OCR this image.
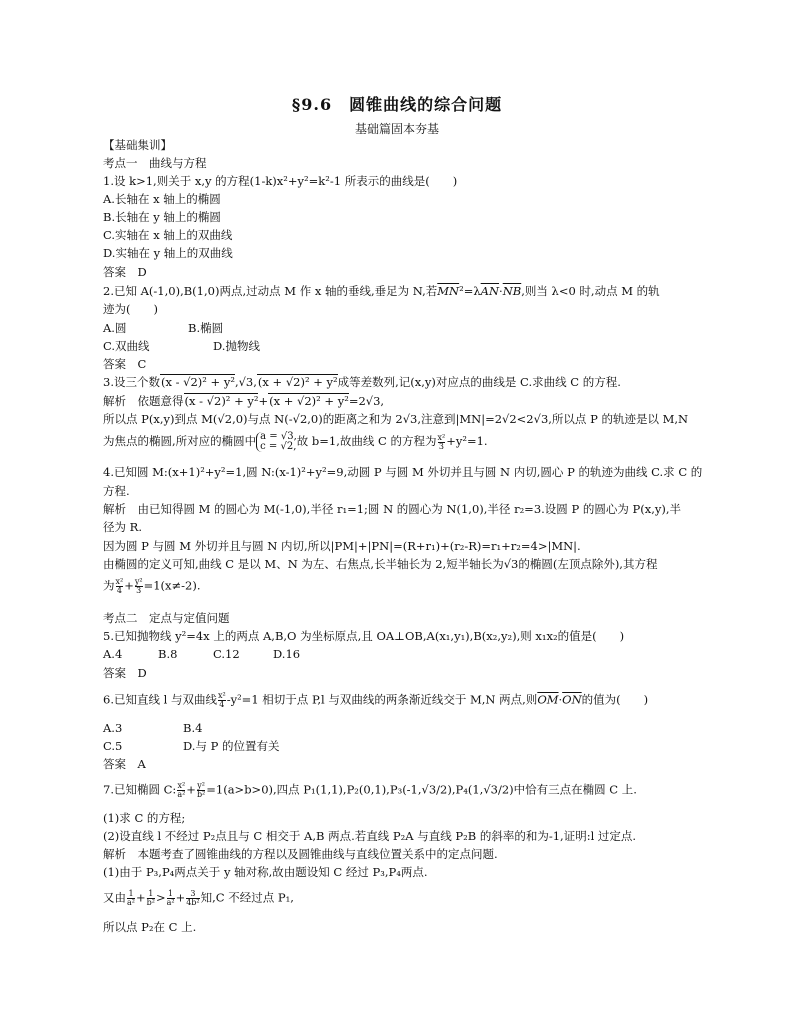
§9.6　圆锥曲线的综合问题
基础篇固本夯基
【基础集训】
考点一　曲线与方程
1.设 k>1,则关于 x,y 的方程(1-k)x²+y²=k²-1 所表示的曲线是(　　)
A.长轴在 x 轴上的椭圆
B.长轴在 y 轴上的椭圆
C.实轴在 x 轴上的双曲线
D.实轴在 y 轴上的双曲线
答案　D
2.已知 A(-1,0),B(1,0)两点,过动点 M 作 x 轴的垂线,垂足为 N,若$\overline{MN}^2=\lambda\overline{AN}\cdot\overline{NB}$,则当 λ<0 时,动点 M 的轨
迹为(　　)
A.圆	B.椭圆
C.双曲线	D.抛物线
答案　C
3.设三个数(x - √2)² + y²,√3,(x + √2)² + y²成等差数列,记(x,y)对应点的曲线是 C.求曲线 C 的方程.
解析　依题意得(x - √2)² + y²+(x + √2)² + y²=2√3,
所以点 P(x,y)到点 M(√2,0)与点 N(-√2,0)的距离之和为 2√3,注意到|MN|=2√2<2√3,所以点 P 的轨迹是以 M,N
为焦点的椭圆,所对应的椭圆中 a = √3,
c = √2, 故 b=1,故曲线 C 的方程为 $\frac{\text{x²}}{3} +y^2=1$.
4.已知圆 M:(x+1)²+y²=1,圆 N:(x-1)²+y²=9,动圆 P 与圆 M 外切并且与圆 N 内切,圆心 P 的轨迹为曲线 C.求 C 的
方程.
解析　由已知得圆 M 的圆心为 M(-1,0),半径 r₁=1;圆 N 的圆心为 N(1,0),半径 r₂=3.设圆 P 的圆心为 P(x,y),半
径为 R.
因为圆 P 与圆 M 外切并且与圆 N 内切,所以|PM|+|PN|=(R+r₁)+(r₂-R)=r₁+r₂=4>|MN|.
由椭圆的定义可知,曲线 C 是以 M、N 为左、右焦点,长半轴长为 2,短半轴长为√3的椭圆(左顶点除外),其方程
为 $\frac{\text{x²}}{4} + \frac{\text{y²}}{3} =1(x\ne-2)$.
考点二　定点与定值问题
5.已知抛物线 y²=4x 上的两点 A,B,O 为坐标原点,且 OA⊥OB,A(x₁,y₁),B(x₂,y₂),则 x₁x₂的值是(　　)
A.4	B.8	C.12	D.16
答案　D
6.已知直线 l 与双曲线 $\frac{\text{x²}}{4} -y^2=1$ 相切于点 P,l 与双曲线的两条渐近线交于 M,N 两点,则$\overline{OM}\cdot\overline{ON}$的值为(　　)
A.3	B.4
C.5	D.与 P 的位置有关
答案　A
7.已知椭圆 C: $\frac{\text{x²}}{\text{a²}} + \frac{\text{y²}}{\text{b²}} =1(a>b>0)$,四点 P₁(1,1),P₂(0,1),P₃(-1,√3/2),P₄(1,√3/2)中恰有三点在椭圆 C 上.
(1)求 C 的方程;
(2)设直线 l 不经过 P₂点且与 C 相交于 A,B 两点.若直线 P₂A 与直线 P₂B 的斜率的和为-1,证明:l 过定点.
解析　本题考查了圆锥曲线的方程以及圆锥曲线与直线位置关系中的定点问题.
(1)由于 P₃,P₄两点关于 y 轴对称,故由题设知 C 经过 P₃,P₄两点.
又由 $\frac{1}{\text{a²}} + \frac{1}{\text{b²}} > \frac{1}{\text{a²}} + \frac{3}{\text{4b²}}$ 知,C 不经过点 P₁,
所以点 P₂在 C 上.
